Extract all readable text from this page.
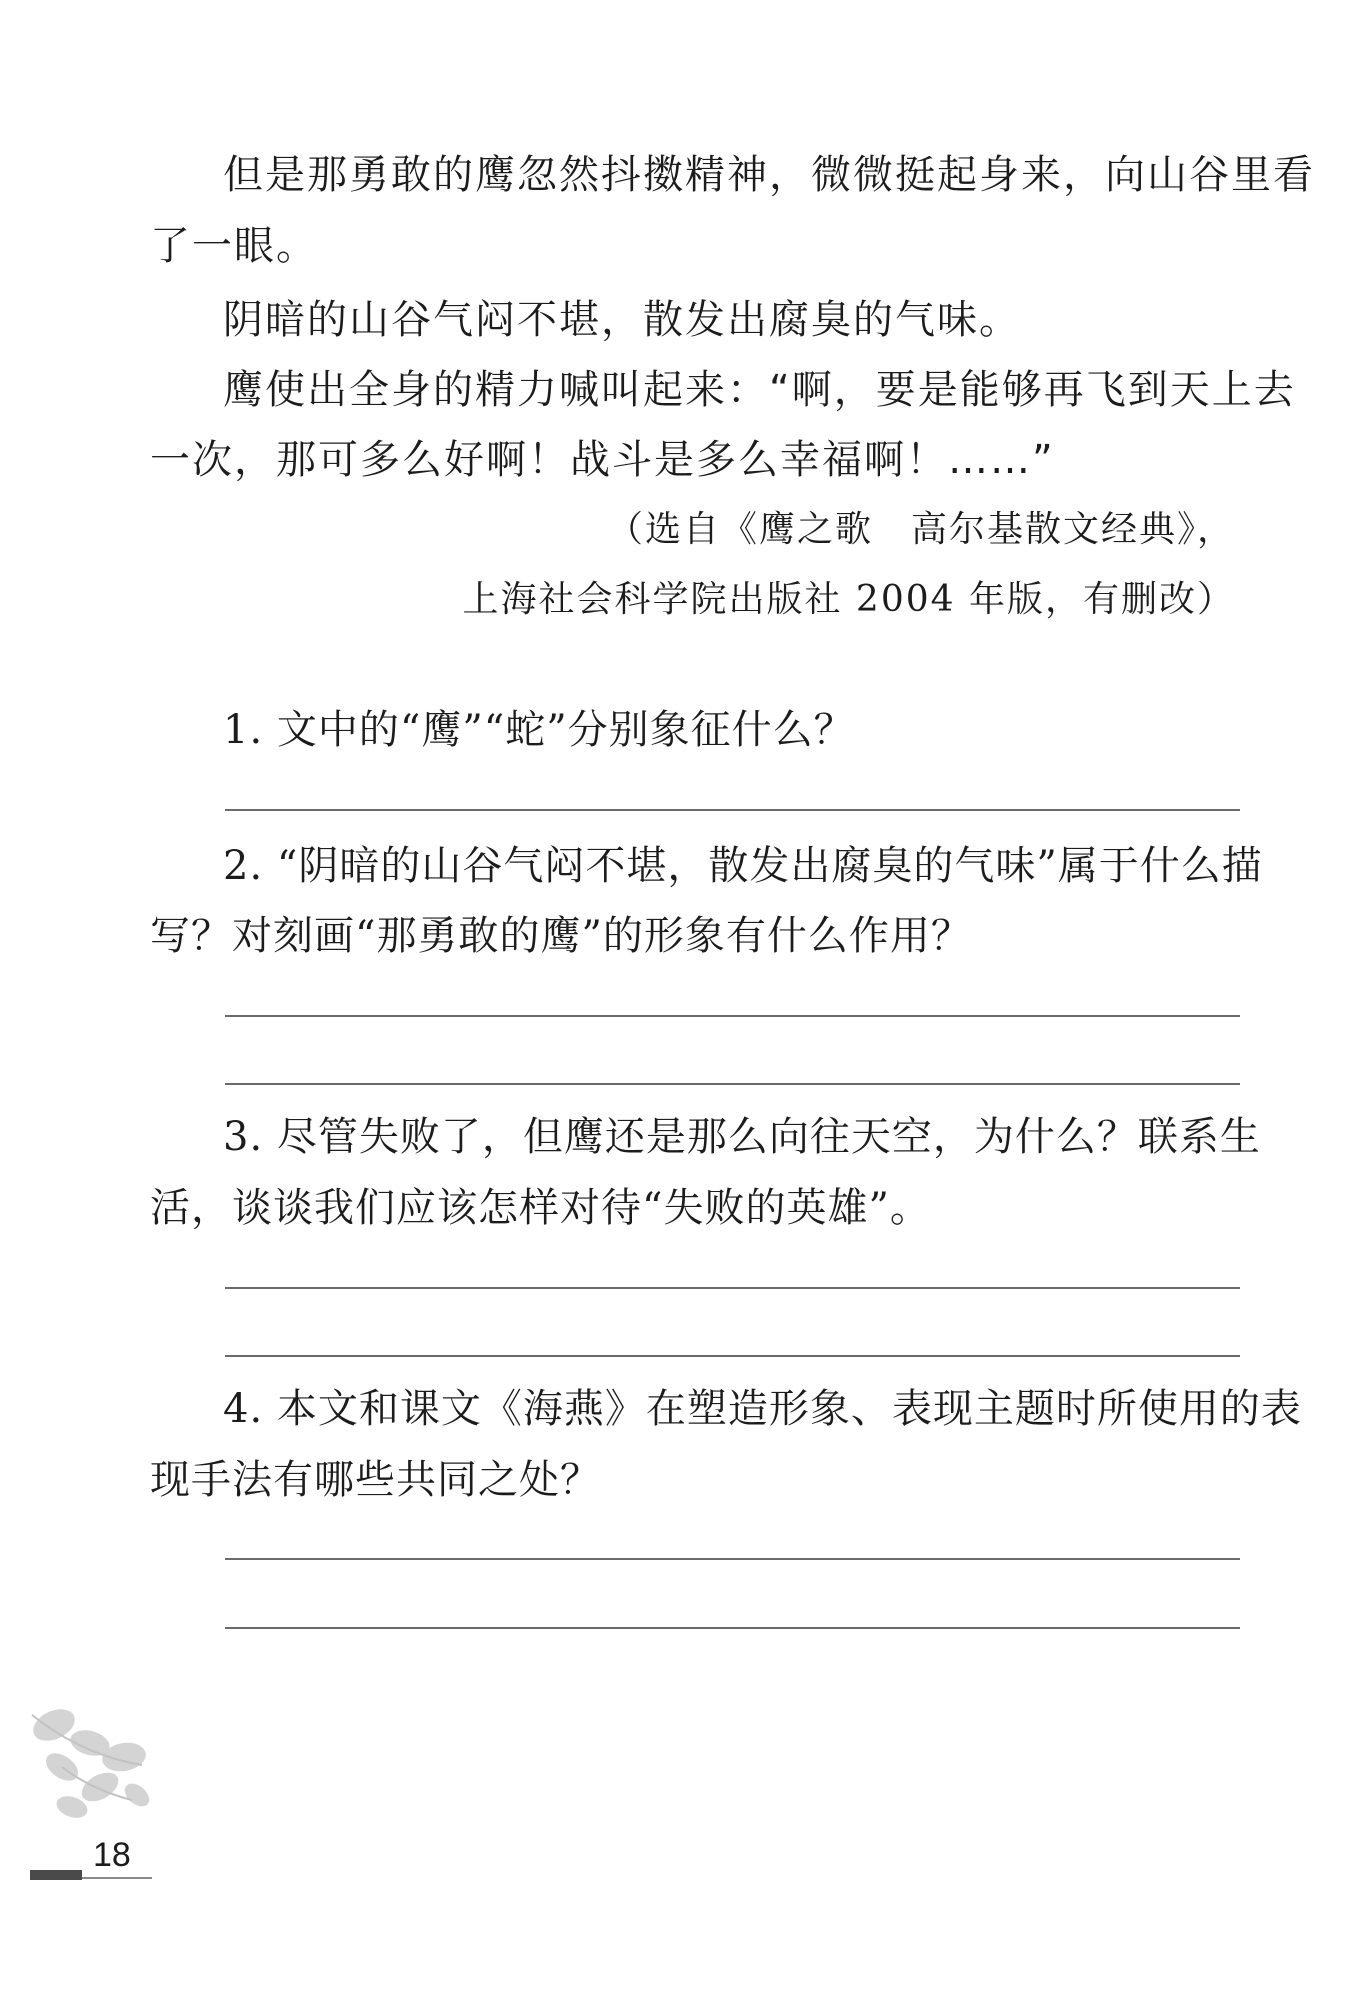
但是那勇敢的鹰忽然抖擞精神，微微挺起身来，向山谷里看
了一眼。
阴暗的山谷气闷不堪，散发出腐臭的气味。
鹰使出全身的精力喊叫起来：“啊，要是能够再飞到天上去
一次，那可多么好啊！战斗是多么幸福啊！……”
（选自《鹰之歌　高尔基散文经典》，
上海社会科学院出版社 2004 年版，有删改）
1. 文中的“鹰”“蛇”分别象征什么？
2. “阴暗的山谷气闷不堪，散发出腐臭的气味”属于什么描
写？对刻画“那勇敢的鹰”的形象有什么作用？
3. 尽管失败了，但鹰还是那么向往天空，为什么？联系生
活，谈谈我们应该怎样对待“失败的英雄”。
4. 本文和课文《海燕》在塑造形象、表现主题时所使用的表
现手法有哪些共同之处？
18
